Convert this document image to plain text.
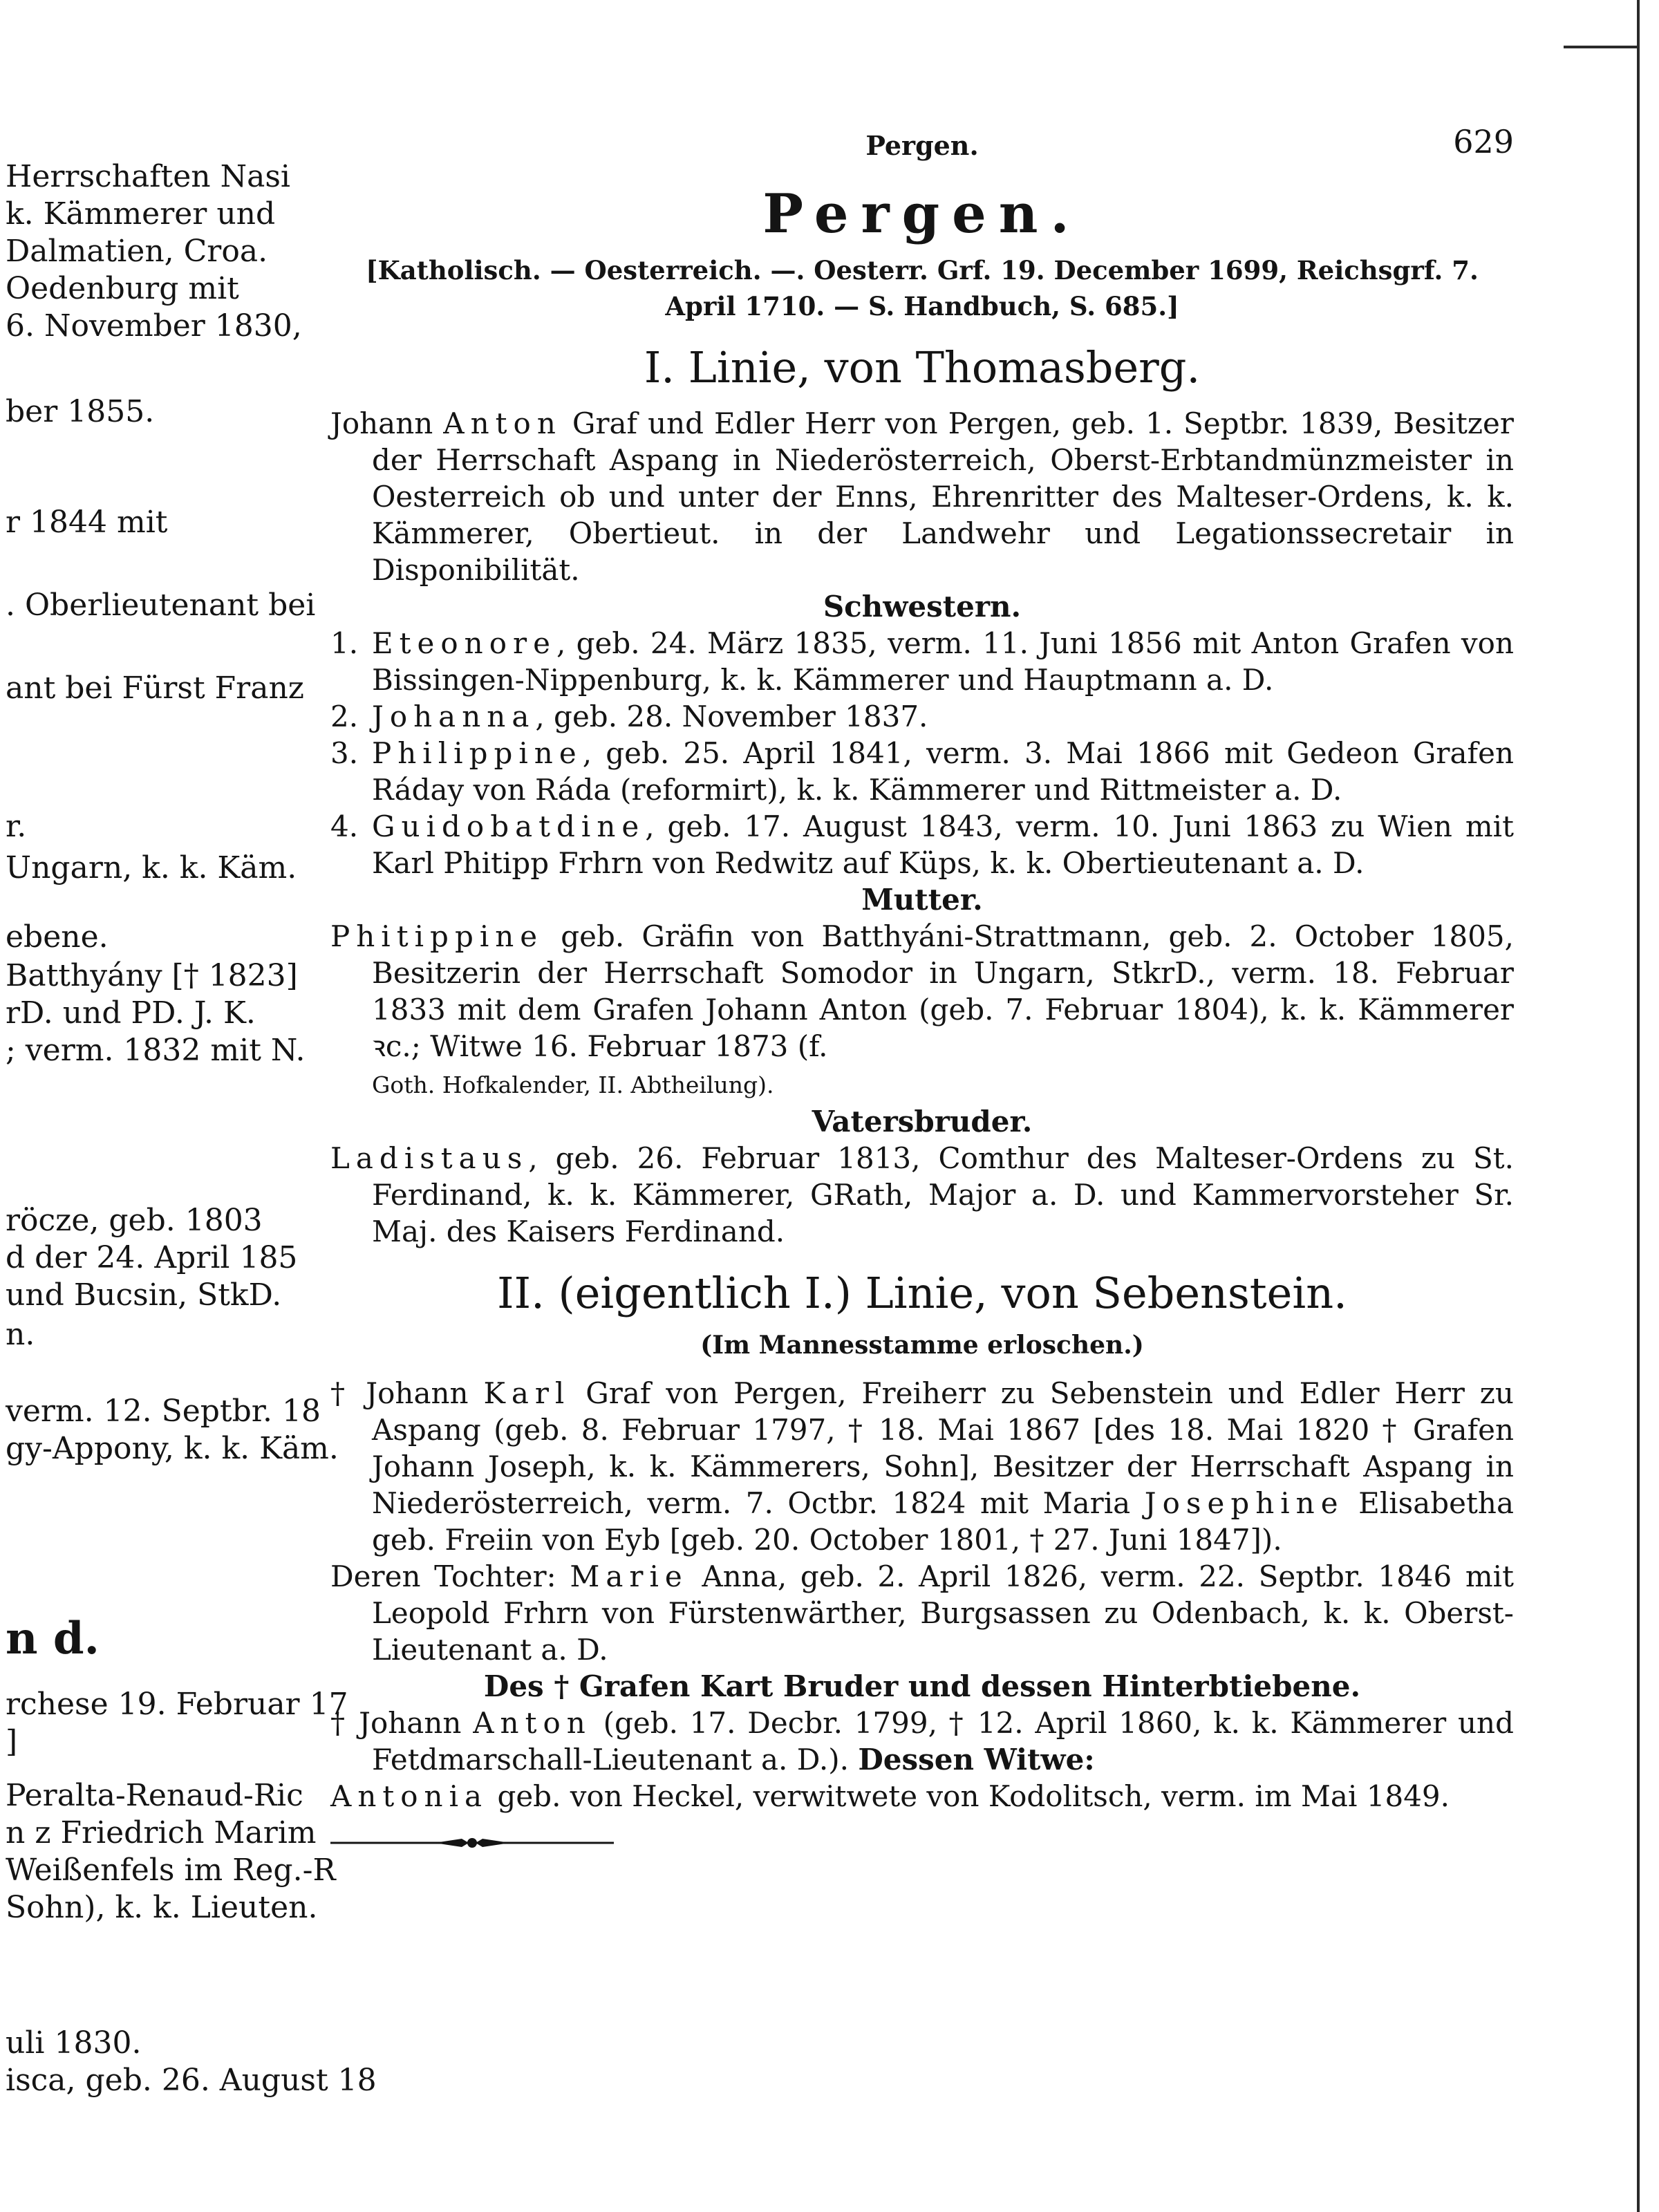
Herrschaften Nasi
k. Kämmerer und
Dalmatien, Croa.
Oedenburg mit
6. November 1830,
ber 1855.
r 1844 mit
. Oberlieutenant bei
ant bei Fürst Franz
r.
Ungarn, k. k. Käm.
ebene.
Batthyány [† 1823]
rD. und PD. J. K.
; verm. 1832 mit N.
röcze, geb. 1803
d der 24. April 185
und Bucsin, StkD.
n.
verm. 12. Septbr. 18
gy-Appony, k. k. Käm.
n d.
rchese 19. Februar 17
]
Peralta-Renaud-Ric
n z Friedrich Marim
Weißenfels im Reg.-R
Sohn), k. k. Lieuten.
uli 1830.
isca, geb. 26. August 18
Pergen.	629
Pergen.
[Katholisch. — Oesterreich. —. Oesterr. Grf. 19. December 1699, Reichsgrf. 7.
April 1710. — S. Handbuch, S. 685.]
I. Linie, von Thomasberg.

Johann Anton Graf und Edler Herr von Pergen, geb. 1. Septbr. 1839, Besitzer der Herrschaft Aspang in Niederösterreich, Oberst-Erbtandmünzmeister in Oesterreich ob und unter der Enns, Ehrenritter des Malteser-Ordens, k. k. Kämmerer, Obertieut. in der Landwehr und Legationssecretair in Disponibilität.

Schwestern.
1. Eteonore, geb. 24. März 1835, verm. 11. Juni 1856 mit Anton Grafen von Bissingen-Nippenburg, k. k. Kämmerer und Hauptmann a. D.
2. Johanna, geb. 28. November 1837.
3. Philippine, geb. 25. April 1841, verm. 3. Mai 1866 mit Gedeon Grafen Ráday von Ráda (reformirt), k. k. Kämmerer und Rittmeister a. D.
4. Guidobatdine, geb. 17. August 1843, verm. 10. Juni 1863 zu Wien mit Karl Phitipp Frhrn von Redwitz auf Küps, k. k. Obertieutenant a. D.
Mutter.

Phitippine geb. Gräfin von Batthyáni-Strattmann, geb. 2. October 1805, Besitzerin der Herrschaft Somodor in Ungarn, StkrD., verm. 18. Februar 1833 mit dem Grafen Johann Anton (geb. 7. Februar 1804), k. k. Kämmerer ꝛc.; Witwe 16. Februar 1873 (f.
Goth. Hofkalender, II. Abtheilung).

Vatersbruder.

Ladistaus, geb. 26. Februar 1813, Comthur des Malteser-Ordens zu St. Ferdinand, k. k. Kämmerer, GRath, Major a. D. und Kammervorsteher Sr. Maj. des Kaisers Ferdinand.

II. (eigentlich I.) Linie, von Sebenstein.
(Im Mannesstamme erloschen.)

† Johann Karl Graf von Pergen, Freiherr zu Sebenstein und Edler Herr zu Aspang (geb. 8. Februar 1797, † 18. Mai 1867 [des 18. Mai 1820 † Grafen Johann Joseph, k. k. Kämmerers, Sohn], Besitzer der Herrschaft Aspang in Niederösterreich, verm. 7. Octbr. 1824 mit Maria Josephine Elisabetha geb. Freiin von Eyb [geb. 20. October 1801, † 27. Juni 1847]).

Deren Tochter: Marie Anna, geb. 2. April 1826, verm. 22. Septbr. 1846 mit Leopold Frhrn von Fürstenwärther, Burgsassen zu Odenbach, k. k. Oberst-Lieutenant a. D.

Des † Grafen Kart Bruder und dessen Hinterbtiebene.

† Johann Anton (geb. 17. Decbr. 1799, † 12. April 1860, k. k. Kämmerer und Fetdmarschall-Lieutenant a. D.). Dessen Witwe:

Antonia geb. von Heckel, verwitwete von Kodolitsch, verm. im Mai 1849.
